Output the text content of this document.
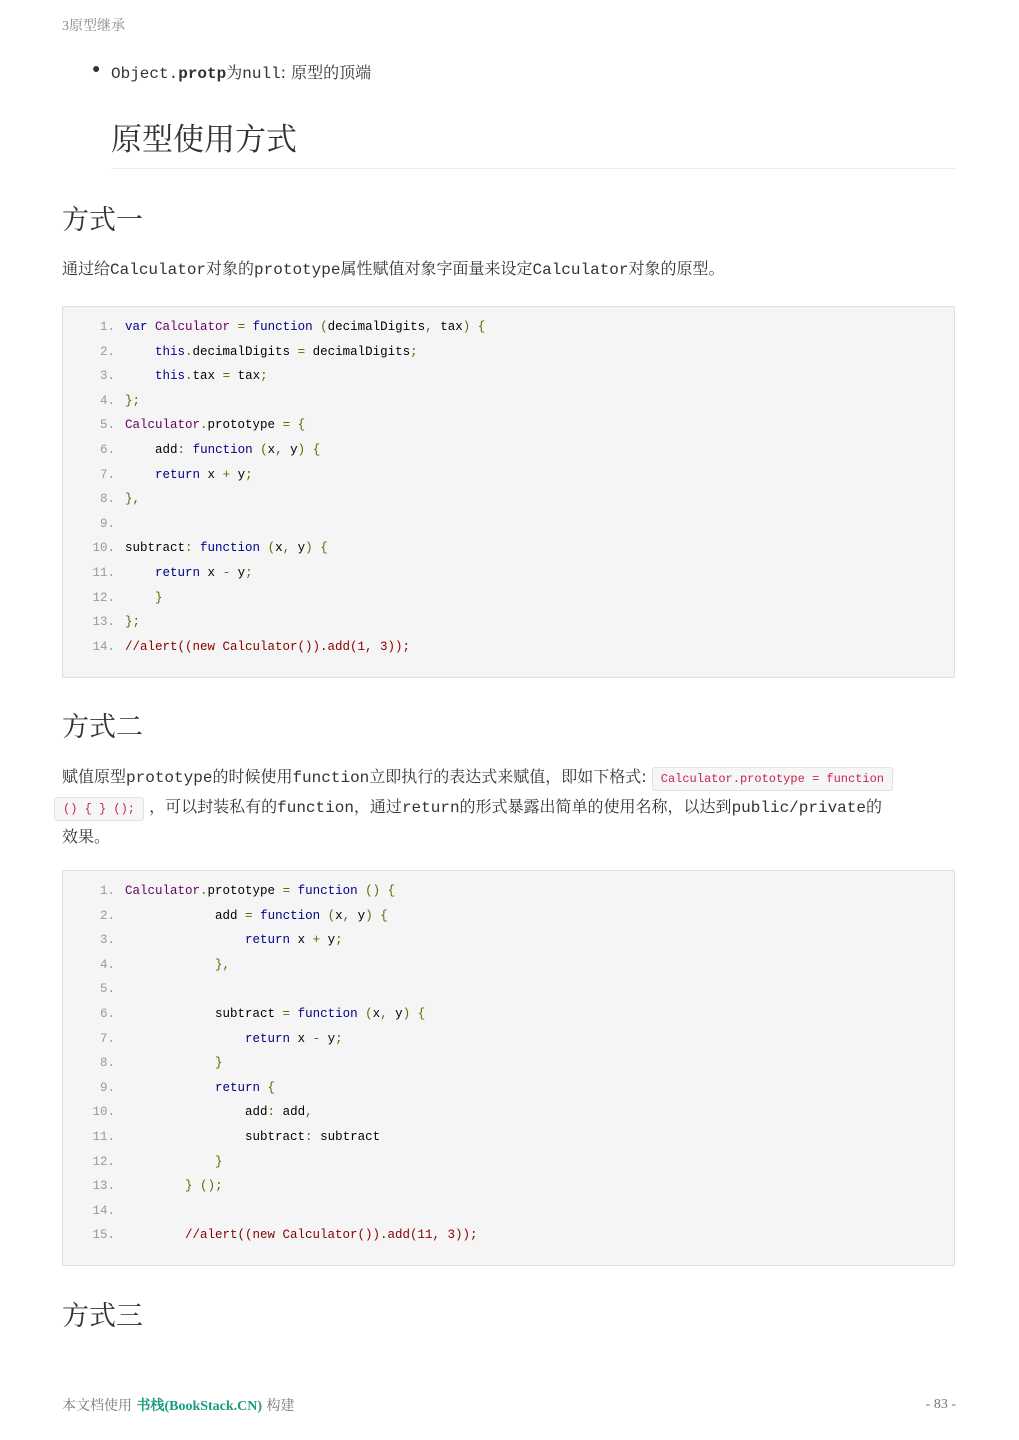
3原型继承
● Object.protp为null: 原型的顶端
原型使用方式
方式一

通过给Calculator对象的prototype属性赋值对象字面量来设定Calculator对象的原型。

1. var Calculator = function (decimalDigits, tax) {
2.	this.decimalDigits = decimalDigits;
3.	this.tax = tax;
4. };
5. Calculator.prototype = {
6.	add: function (x, y) {
7.	return x + y;
8. },
9.
10. subtract: function (x, y) {
11.	return x - y;
12.	}
13. };
14. //alert((new Calculator()).add(1, 3));
方式二

赋值原型prototype的时候使用function立即执行的表达式来赋值，即如下格式: Calculator.prototype = function
() { } (); ，可以封装私有的function，通过return的形式暴露出简单的使用名称，以达到public/private的
效果。

1. Calculator.prototype = function () {
2.	add = function (x, y) {
3.	return x + y;
4.	},
5.
6.	subtract = function (x, y) {
7.	return x - y;
8.	}
9.	return {
10.	add: add,
11.	subtract: subtract
12.	}
13.	} ();
14.
15.	//alert((new Calculator()).add(11, 3));
方式三
本文档使用 书栈(BookStack.CN) 构建	- 83 -
